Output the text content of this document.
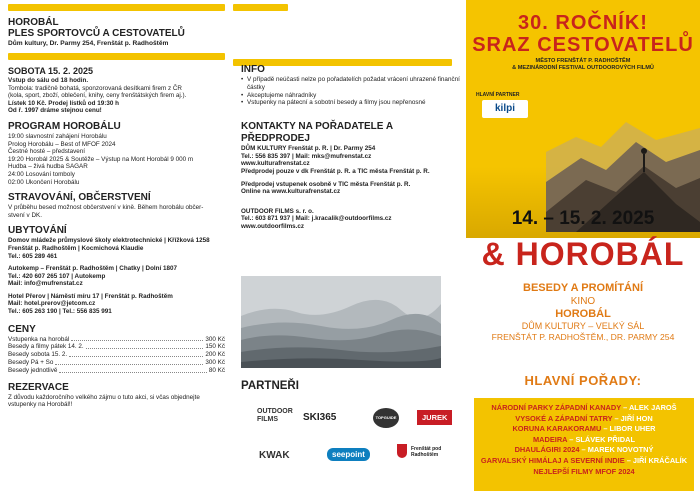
HOROBÁL
PLES SPORTOVCŮ A CESTOVATELŮ
Dům kultury, Dr. Parmy 254, Frenštát p. Radhoštěm
SOBOTA 15. 2. 2025
Vstup do sálu od 18 hodin.
Tombola: tradičně bohatá, sponzorovaná desítkami firem z ČR
(kola, sport, zboží, oblečení, knihy, ceny frenštátských firem aj.).
Lístek 10 Kč. Prodej lístků od 19:30 h
Od ř. 1997 dráme stejnou cenu!
PROGRAM HOROBÁLU
19:00 slavnostní zahájení Horobálu
Prolog Horobálu – Best of MFOF 2024
Čestné hosté – představení
19:20 Horobál 2025 & Soutěže – Výstup na Mont Horobál 9 000 m
Hudba – živá hudba SAGAR
24:00 Losování tomboly
02:00 Ukončení Horobálu
STRAVOVÁNÍ, OBČERSTVENÍ
V průběhu besed možnost občerstvení v kině. Během horobálu občer-
stvení v DK.
UBYTOVÁNÍ
Domov mládeže průmyslové školy elektrotechnické | Křížková 1258
Frenštát p. Radhoštěm | Kocmichová Klaudie
Tel.: 605 289 461
Autokemp – Frenštát p. Radhoštěm | Chatky | Dolní 1807
Tel.: 420 607 265 107 | Autokemp
Mail: info@mufrenstat.cz
Hotel Přerov | Náměstí míru 17 | Frenštát p. Radhoštěm
Mail: hotel.prerov@jetcom.cz
Tel.: 605 263 190 | Tel.: 556 835 991
CENY
Vstupenka na horobál	300 Kč
Besedy a filmy pátek 14. 2.	150 Kč
Besedy sobota 15. 2.	200 Kč
Besedy Pá + So	300 Kč
Besedy jednotlivě	80 Kč
REZERVACE
Z důvodu každoročního velkého zájmu o tuto akci, si včas objednejte
vstupenky na Horobál!!
INFO
• V případě neúčasti nelze po pořadatelích požadat vrácení uhrazené finanční částky
• Akceptujeme náhradníky
• Vstupenky na pátecní a sobotní besedy a filmy jsou nepřenosné
KONTAKTY NA POŘADATELE A PŘEDPRODEJ
DŮM KULTURY Frenštát p. R. | Dr. Parmy 254
Tel.: 556 835 397 | Mail: mks@mufrenstat.cz
www.kulturafrenstat.cz
Předprodej pouze v dk Frenštát p. R. a TIC města Frenštát p. R.
Předprodej vstupenek osobně v TIC města Frenštát p. R.
Online na www.kulturafrenstat.cz
OUTDOOR FILMS s. r. o.
Tel.: 603 871 937 | Mail: j.kracalik@outdoorfilms.cz
www.outdoorfilms.cz
PARTNEŘI
OUTDOOR FILMS	SKI365	TOPGUIDE	JUREK
KWAK	seepoint
Frenštát pod Radhoštěm
30. ROČNÍK!
SRAZ CESTOVATELŮ
MĚSTO FRENŠTÁT P. RADHOŠTĚM
& MEZINÁRODNÍ FESTIVAL OUTDOOROVÝCH FILMŮ
HLAVNÍ PARTNER
kilpi
14. – 15. 2. 2025
& HOROBÁL
BESEDY A PROMÍTÁNÍ
KINO
HOROBÁL
DŮM KULTURY – VELKÝ SÁL
FRENŠTÁT P. RADHOŠTĚM., DR. PARMY 254
HLAVNÍ POŘADY:
NÁRODNÍ PARKY ZÁPADNÍ KANADY – ALEK JAROŠ
VYSOKÉ A ZÁPADNÍ TATRY – JIŘÍ HON
KORUNA KARAKORAMU – LIBOR UHER
MADEIRA – SLÁVEK PŘIDAL
DHAULÁGIRI 2024 – MAREK NOVOTNÝ
GARVALSKÝ HIMÁLAJ A SEVERNÍ INDIE – JIŘÍ KRÁČALÍK
NEJLEPŠÍ FILMY MFOF 2024
